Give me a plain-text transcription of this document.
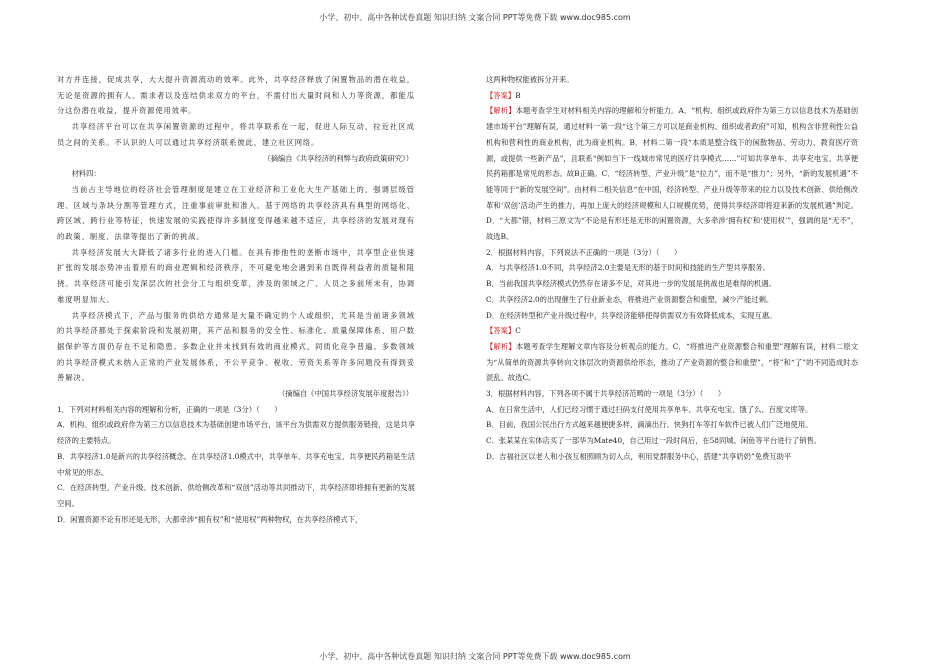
小学、初中、高中各种试卷真题 知识归纳 文案合同 PPT等免费下载 www.doc985.com

对方并连接，促成共享，大大提升资源流动的效率。此外，共享经济释放了闲置物品的潜在收益，无论是资源的拥有人、需求者以及连结供求双方的平台，不需付出大量时间和人力等资源，都能瓜分这份潜在收益，提升资源使用效率。

共享经济平台可以在共享闲置资源的过程中，将共享联系在一起，促进人际互动，拉近社区成员之间的关系。不认识的人可以通过共享经济联系彼此，建立社区网络。

（摘编自《共享经济的利弊与政府政策研究》）

材料四：

当前占主导地位的经济社会管理制度是建立在工业经济和工业化大生产基础上的，强调层级管理、区域与条块分割等管理方式，注重事前审批和准入。基于网络的共享经济具有典型的网络化、跨区域、跨行业等特征，快速发展的实践使得许多制度变得越来越不适应，共享经济的发展对现有的政策、制度、法律等提出了新的挑战。

共享经济发展大大降低了诸多行业的进入门槛。在具有排他性的垄断市场中，共享型企业快速扩张的发展态势冲击着原有的商业逻辑和经济秩序，不可避免地会遇到来自既得利益者的质疑和阻挠。共享经济可能引发深层次的社会分工与组织变革，涉及的领域之广、人员之多前所未有，协调难度明显加大。

共享经济模式下，产品与服务的供给方通常是大量不确定的个人或组织，尤其是当前诸多领域的共享经济都处于探索阶段和发展初期，其产品和服务的安全性、标准化、质量保障体系、用户数据保护等方面仍存在不足和隐患。多数企业并未找到有效的商业模式，同质化竞争普遍。多数领域的共享经济模式未纳入正常的产业发展体系，不公平竞争、税收、劳资关系等许多问题没有得到妥善解决。

（摘编自《中国共享经济发展年度报告》）

1．下列对材料相关内容的理解和分析，正确的一项是（3分）（　　）

A．机构、组织或政府作为第三方以信息技术为基础创建市场平台，该平台为供需双方提供服务链接，这是共享经济的主要特点。

B．共享经济1.0是新兴的共享经济概念。在共享经济1.0模式中，共享单车、共享充电宝、共享便民药箱是生活中常见的形态。

C．在经济转型、产业升级、技术创新、供给侧改革和“双创”活动等共同推动下，共享经济即将拥有更新的发展空间。

D．闲置资源不论有形还是无形，大都牵涉“拥有权”和“使用权”两种物权，在共享经济模式下，

这两种物权能被拆分开来。

【答案】B

【解析】本题考查学生对材料相关内容的理解和分析能力。A．“机构、组织或政府作为第三方以信息技术为基础创建市场平台”理解有误，通过材料一第一段“这个第三方可以是商业机构、组织或者政府”可知，机构含非营利性公益机构和营利性的商业机构，此为商业机构。B．材料二第一段“本质是整合线下的闲散物品、劳动力、教育医疗资源，或提供一些新产品”，且联系“例如当下一线城市常见的医疗共享模式……”可知共享单车、共享充电宝、共享便民药箱都是常见的形态。故B正确。C．“经济转型、产业升级”是“拉力”，而不是“推力”；另外，“新的发展机遇”不能等同于“新的发展空间”。由材料二相关信息“在中国，经济转型、产业升级等带来的拉力以及技术创新、供给侧改革和‘双创’活动产生的推力，再加上庞大的经济规模和人口规模优势，使得共享经济即将迎来新的发展机遇”判定。D．“大都”错，材料三原文为“不论是有形还是无形的闲置资源，大多牵涉‘拥有权’和‘使用权’”，强调的是“无不”，故选B。

2．根据材料内容，下列说法不正确的一项是（3分）（　　）

A．与共享经济1.0不同，共享经济2.0主要是无形的基于时间和技能的生产型共享服务。

B．当前我国共享经济模式仍然存在诸多不足，对其进一步的发展是挑战也是难得的机遇。

C．共享经济2.0的出现催生了行业新业态，将推进产业资源整合和重塑，减少产能过剩。

D．在经济转型和产业升级过程中，共享经济能够使得供需双方有效降低成本，实现互惠。

【答案】C

【解析】本题考查学生理解文章内容及分析观点的能力。C．“将推进产业资源整合和重塑”理解有误，材料二原文为“从简单的资源共享转向文体层次的资源供给形态，推动了产业资源的整合和重塑”，“将”和“了”的不同造成时态混乱。故选C。

3．根据材料内容，下列各项不属于共享经济范畴的一项是（3分）（　　）

A．在日常生活中，人们已经习惯于通过扫码支付使用共享单车、共享充电宝、饿了么、百度文库等。

B．目前，我国公民出行方式越来越便捷多样，滴滴出行、快狗打车等打车软件已被人们广泛地使用。

C．张某某在实体店买了一部华为Mate40，自己用过一段时间后，在58同城、闲鱼等平台进行了销售。

D．吉福社区以老人和小孩互相照顾为切入点，利用党群服务中心，搭建“共享奶奶”免费互助平

小学、初中、高中各种试卷真题 知识归纳 文案合同 PPT等免费下载 www.doc985.com
